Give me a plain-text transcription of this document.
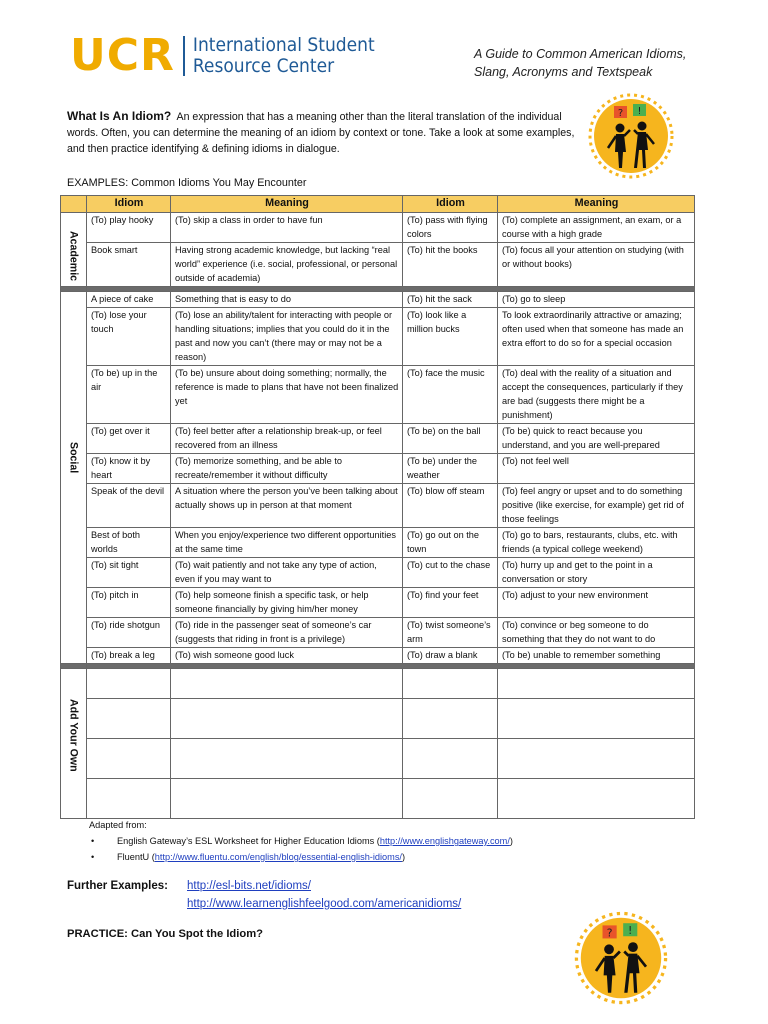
UCR International Student
Resource Center
A Guide to Common American Idioms,
Slang, Acronyms and Textspeak
? !
? !
What Is An Idiom? An expression that has a meaning other than the literal translation of the individual words. Often, you can determine the meaning of an idiom by context or tone. Take a look at some examples, and then practice identifying & defining idioms in dialogue.
EXAMPLES: Common Idioms You May Encounter
	Idiom	Meaning	Idiom	Meaning

Academic	(To) play hooky	(To) skip a class in order to have fun	(To) pass with flying colors	(To) complete an assignment, an exam, or a course with a high grade
	Book smart	Having strong academic knowledge, but lacking “real world” experience (i.e. social, professional, or personal outside of academia)	(To) hit the books	(To) focus all your attention on studying (with or without books)

Social	A piece of cake	Something that is easy to do	(To) hit the sack	(To) go to sleep
	(To) lose your touch	(To) lose an ability/talent for interacting with people or handling situations; implies that you could do it in the past and now you can’t (there may or may not be a reason)	(To) look like a million bucks	To look extraordinarily attractive or amazing; often used when that someone has made an extra effort to do so for a special occasion
	(To be) up in the air	(To be) unsure about doing something; normally, the reference is made to plans that have not been finalized yet	(To) face the music	(To) deal with the reality of a situation and accept the consequences, particularly if they are bad (suggests there might be a punishment)
	(To) get over it	(To) feel better after a relationship break-up, or feel recovered from an illness	(To be) on the ball	(To be) quick to react because you understand, and you are well-prepared
	(To) know it by heart	(To) memorize something, and be able to recreate/remember it without difficulty	(To be) under the weather	(To) not feel well
	Speak of the devil	A situation where the person you’ve been talking about actually shows up in person at that moment	(To) blow off steam	(To) feel angry or upset and to do something positive (like exercise, for example) get rid of those feelings
	Best of both worlds	When you enjoy/experience two different opportunities at the same time	(To) go out on the town	(To) go to bars, restaurants, clubs, etc. with friends (a typical college weekend)
	(To) sit tight	(To) wait patiently and not take any type of action, even if you may want to	(To) cut to the chase	(To) hurry up and get to the point in a conversation or story
	(To) pitch in	(To) help someone finish a specific task, or help someone financially by giving him/her money	(To) find your feet	(To) adjust to your new environment
	(To) ride shotgun	(To) ride in the passenger seat of someone’s car (suggests that riding in front is a privilege)	(To) twist someone’s arm	(To) convince or beg someone to do something that they do not want to do
	(To) break a leg	(To) wish someone good luck	(To) draw a blank	(To be) unable to remember something

Add Your Own				

Adapted from:
• English Gateway’s ESL Worksheet for Higher Education Idioms (http://www.englishgateway.com/)
• FluentU (http://www.fluentu.com/english/blog/essential-english-idioms/)
Further Examples: http://esl-bits.net/idioms/
http://www.learnenglishfeelgood.com/americanidioms/
PRACTICE: Can You Spot the Idiom?
